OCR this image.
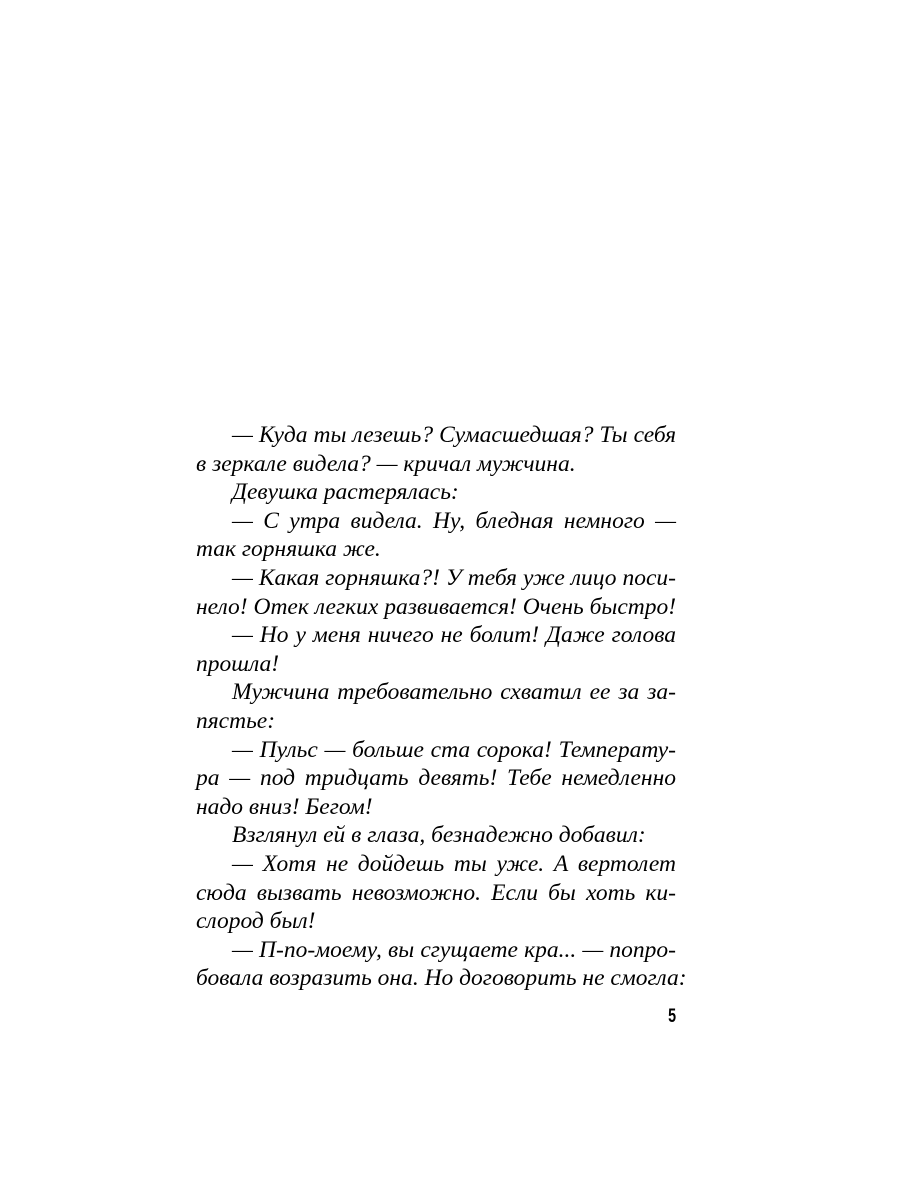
— Куда ты лезешь? Сумасшедшая? Ты себя
в зеркале видела? — кричал мужчина.
Девушка растерялась:
— С утра видела. Ну, бледная немного —
так горняшка же.
— Какая горняшка?! У тебя уже лицо поси-
нело! Отек легких развивается! Очень быстро!
— Но у меня ничего не болит! Даже голова
прошла!
Мужчина требовательно схватил ее за за-
пястье:
— Пульс — больше ста сорока! Температу-
ра — под тридцать девять! Тебе немедленно
надо вниз! Бегом!
Взглянул ей в глаза, безнадежно добавил:
— Хотя не дойдешь ты уже. А вертолет
сюда вызвать невозможно. Если бы хоть ки-
слород был!
— П-по-моему, вы сгущаете кра... — попро-
бовала возразить она. Но договорить не смогла:
5
